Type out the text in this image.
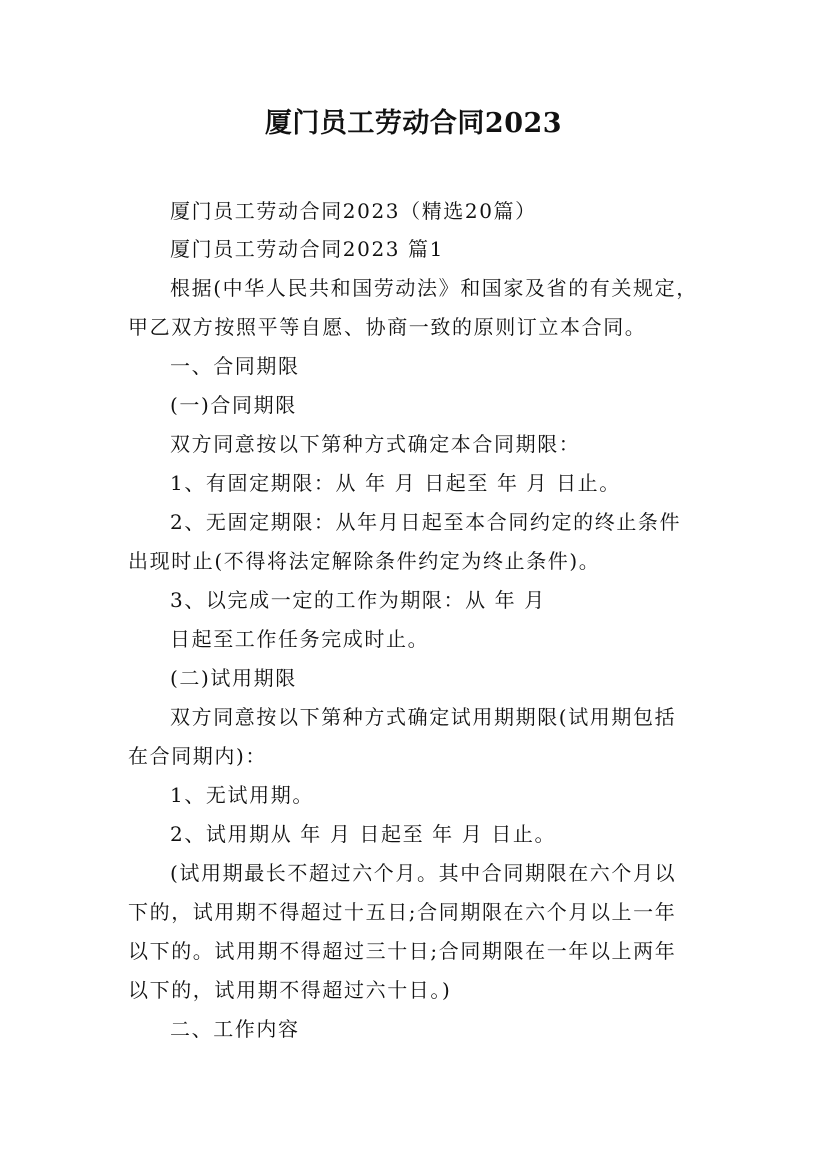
厦门员工劳动合同2023
厦门员工劳动合同2023（精选20篇）
厦门员工劳动合同2023 篇1
根据(中华人民共和国劳动法》和国家及省的有关规定，
甲乙双方按照平等自愿、协商一致的原则订立本合同。
一、合同期限
(一)合同期限
双方同意按以下第种方式确定本合同期限：
1、有固定期限：从 年 月 日起至 年 月 日止。
2、无固定期限：从年月日起至本合同约定的终止条件
出现时止(不得将法定解除条件约定为终止条件)。
3、以完成一定的工作为期限：从 年 月
日起至工作任务完成时止。
(二)试用期限
双方同意按以下第种方式确定试用期期限(试用期包括
在合同期内)：
1、无试用期。
2、试用期从 年 月 日起至 年 月 日止。
(试用期最长不超过六个月。其中合同期限在六个月以
下的，试用期不得超过十五日;合同期限在六个月以上一年
以下的。试用期不得超过三十日;合同期限在一年以上两年
以下的，试用期不得超过六十日。)
二、工作内容
